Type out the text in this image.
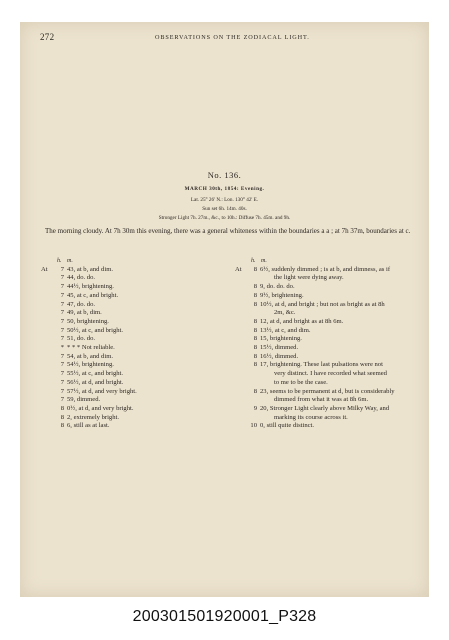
272	OBSERVATIONS ON THE ZODIACAL LIGHT.
No. 136.
MARCH 30th, 1854: Evening.
Lat. 25° 26' N.: Lon. 130° 42' E.
Sun set 6h. 14m. 40s.
Stronger Light 7h. 27m., &c., to 10h.: Diffuse 7h. 45m. and 9h.
The morning cloudy. At 7h 30m this evening, there was a general whiteness within the boundaries a a ; at 7h 37m, boundaries at c.
h. m.
At	7 43, at b, and dim.
7 44, do. do.
7 44½, brightening.
7 45, at c, and bright.
7 47, do. do.
7 49, at b, dim.
7 50, brightening.
7 50½, at c, and bright.
7 51, do. do.
* * * * Not reliable.
7 54, at b, and dim.
7 54½, brightening.
7 55½, at c, and bright.
7 56½, at d, and bright.
7 57½, at d, and very bright.
7 59, dimmed.
8 0½, at d, and very bright.
8 2, extremely bright.
8 6, still as at last.
h. m.
At	8 6½, suddenly dimmed ; is at b, and dimness, as if
the light were dying away.
8 9, do. do. do.
8 9½, brightening.
8 10½, at d, and bright ; but not as bright as at 8h
2m, &c.
8 12, at d, and bright as at 8h 6m.
8 13½, at c, and dim.
8 15, brightening.
8 15½, dimmed.
8 16½, dimmed.
8 17, brightening. These last pulsations were not
very distinct. I have recorded what seemed
to me to be the case.
8 23, seems to be permanent at d, but is considerably
dimmed from what it was at 8h 6m.
9 20, Stronger Light clearly above Milky Way, and
marking its course across it.
10 0, still quite distinct.
200301501920001_P328
